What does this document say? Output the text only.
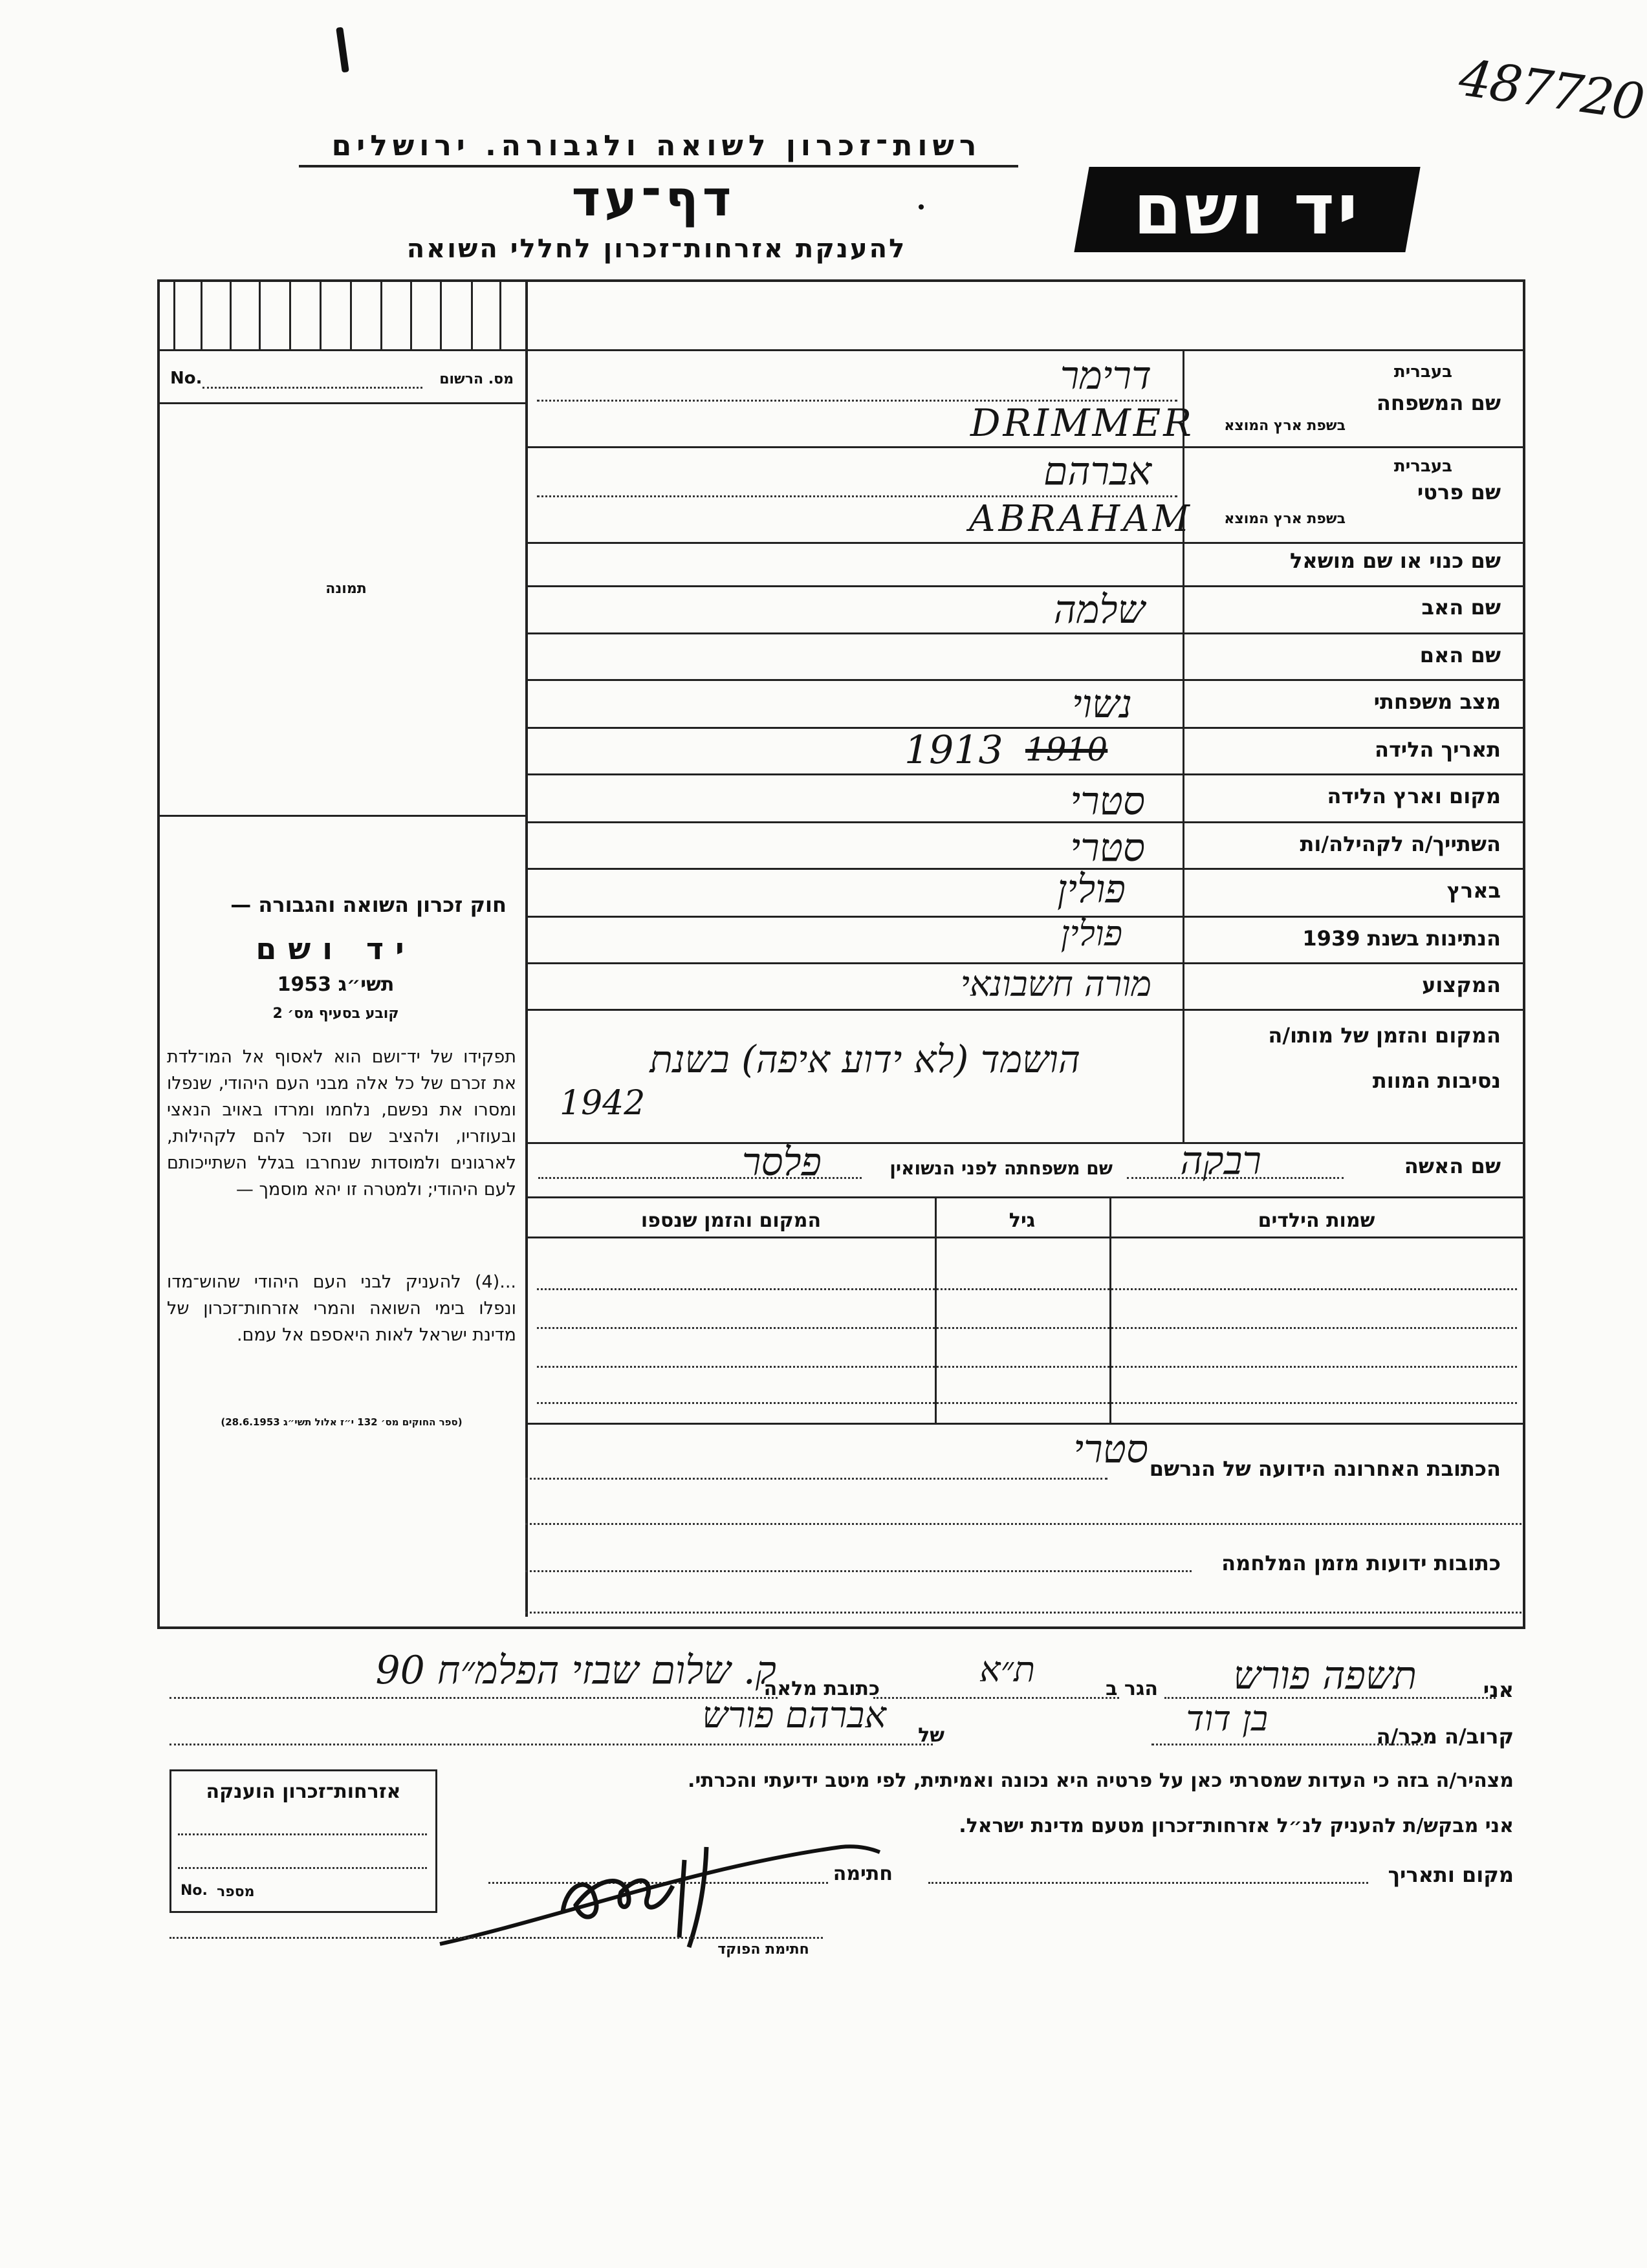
487720
רשות־זכרון לשואה ולגבורה. ירושלים
דף־עד
להענקת אזרחות־זכרון לחללי השואה	יד ושם
No.	מס. הרשום
תמונה
חוק זכרון השואה והגבורה —
יד ושם
תשי״ג 1953
קובע בסעיף מס׳ 2
תפקידו של יד־ושם הוא לאסוף אל המו־לדת את זכרם של כל אלה מבני העם היהודי, שנפלו ומסרו את נפשם, נלחמו ומרדו באויב הנאצי ובעוזריו, ולהציב שם וזכר להם לקהילות, לארגונים ולמוסדות שנחרבו בגלל השתייכותם לעם היהודי; ולמטרה זו יהא מוסמך —
...(4) להעניק לבני העם היהודי שהוש־מדו ונפלו בימי השואה והמרי אזרחות־זכרון של מדינת ישראל לאות היאספם אל עמם.
(ספר החוקים מס׳ 132 י״ז אלול תשי״ג 28.6.1953)
שם המשפחה
בעברית
בשפת ארץ המוצא
דרימר
DRIMMER
שם פרטי
בעברית
בשפת ארץ המוצא
אברהם
ABRAHAM
שם כנוי או שם מושאל
שם האב
שלמה
שם האם
מצב משפחתי
נשוי
תאריך הלידה
1913 1910
מקום וארץ הלידה
סטרי
השתייך/ה לקהילה/ות
סטרי
בארץ
פולין
הנתינות בשנת 1939
פולין
המקצוע
מורה חשבונאי
המקום והזמן של מותו/ה
נסיבות המוות
הושמד (לא ידוע איפה) בשנת
1942
שם האשה
רבקה
שם משפחתה לפני הנשואין
פלסר
שמות הילדים
גיל
המקום והזמן שנספו
הכתובת האחרונה הידועה של הנרשם
סטרי
כתובות ידועות מזמן המלחמה
אני
תשפה פורש
הגר ב
ת״א
כתובת מלאה
ק. שלום שבזי הפלמ״ח 90
קרוב/ה מכר/ה
בן דוד
של
אברהם פורש
מצהיר/ה בזה כי העדות שמסרתי כאן על פרטיה היא נכונה ואמיתית, לפי מיטב ידיעתי והכרתי.
אני מבקש/ת להעניק לנ״ל אזרחות־זכרון מטעם מדינת ישראל.
מקום ותאריך
חתימה
חתימת הפוקד
אזרחות־זכרון הוענקה
No. מספר
